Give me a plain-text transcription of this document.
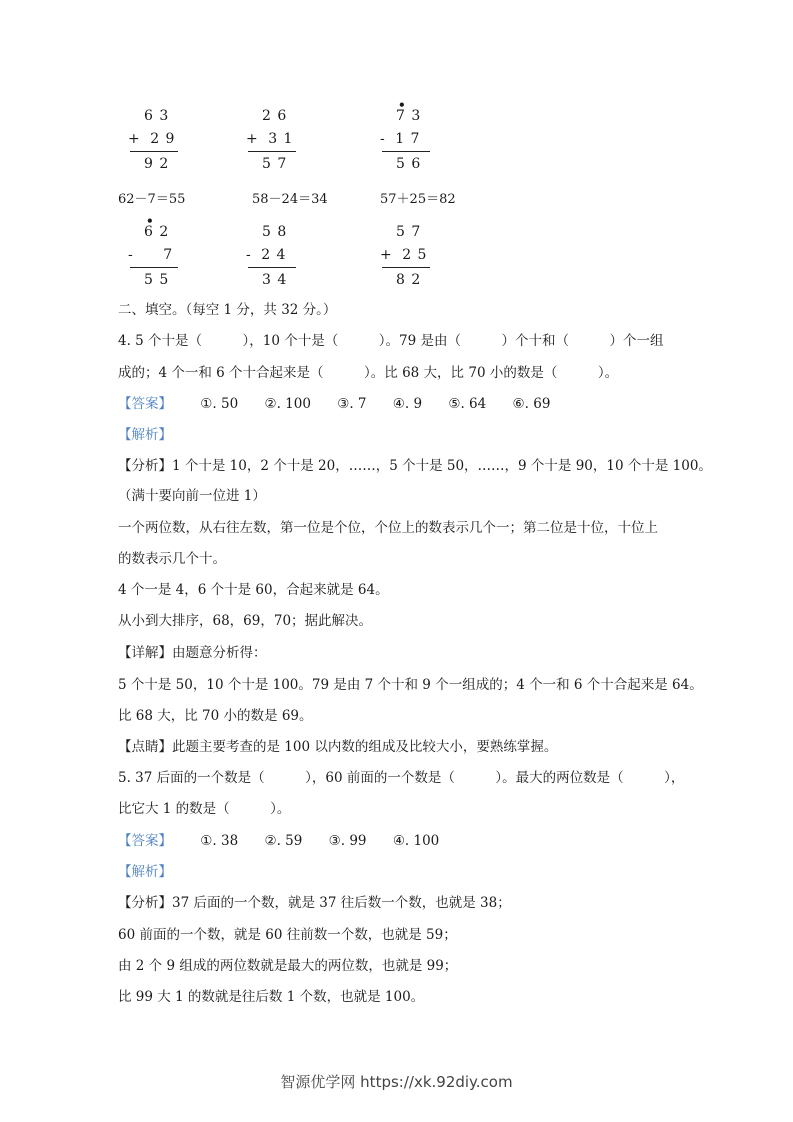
6 3
+ 2 9
9 2
2 6
+ 3 1
5 7
•
7 3
- 1 7
5 6
62－7＝55	58－24＝34	57＋25＝82
•
6 2
- 7
5 5
5 8
- 2 4
3 4
5 7
+ 2 5
8 2
二、填空。（每空 1 分，共 32 分。）
4. 5 个十是（　　　），10 个十是（　　　）。79 是由（　　　）个十和（　　　）个一组
成的；4 个一和 6 个十合起来是（　　　）。比 68 大，比 70 小的数是（　　　）。
【答案】 ①. 50 ②. 100 ③. 7 ④. 9 ⑤. 64 ⑥. 69
【解析】
【分析】1 个十是 10，2 个十是 20，……，5 个十是 50，……，9 个十是 90，10 个十是 100。
（满十要向前一位进 1）
一个两位数，从右往左数，第一位是个位，个位上的数表示几个一；第二位是十位，十位上
的数表示几个十。
4 个一是 4，6 个十是 60，合起来就是 64。
从小到大排序，68，69，70；据此解决。
【详解】由题意分析得：
5 个十是 50，10 个十是 100。79 是由 7 个十和 9 个一组成的；4 个一和 6 个十合起来是 64。
比 68 大，比 70 小的数是 69。
【点睛】此题主要考查的是 100 以内数的组成及比较大小，要熟练掌握。
5. 37 后面的一个数是（　　　），60 前面的一个数是（　　　）。最大的两位数是（　　　），
比它大 1 的数是（　　　）。
【答案】 ①. 38 ②. 59 ③. 99 ④. 100
【解析】
【分析】37 后面的一个数，就是 37 往后数一个数，也就是 38；
60 前面的一个数，就是 60 往前数一个数，也就是 59；
由 2 个 9 组成的两位数就是最大的两位数，也就是 99；
比 99 大 1 的数就是往后数 1 个数，也就是 100。
智源优学网 https://xk.92diy.com
